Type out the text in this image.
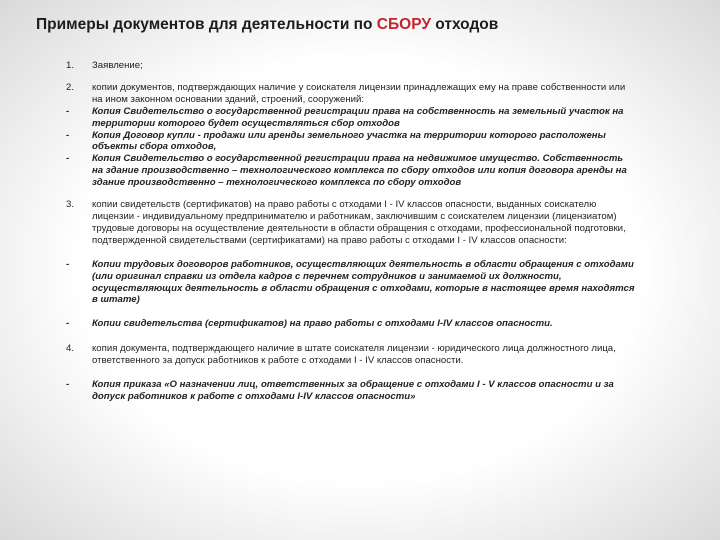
Примеры документов для деятельности по СБОРУ отходов
1. Заявление;
2. копии документов, подтверждающих наличие у соискателя лицензии принадлежащих ему на праве собственности или на ином законном основании зданий, строений, сооружений:
- Копия Свидетельство о государственной регистрации права на собственность на земельный участок на территории которого будет осуществляться сбор отходов
- Копия Договор купли - продажи или аренды земельного участка на территории которого расположены объекты сбора отходов,
- Копия Свидетельство о государственной регистрации права на недвижимое имущество. Собственность на здание производственно – технологического комплекса по сбору отходов или копия договора аренды на здание производственно – технологического комплекса по сбору отходов
3. копии свидетельств (сертификатов) на право работы с отходами I - IV классов опасности, выданных соискателю лицензии - индивидуальному предпринимателю и работникам, заключившим с соискателем лицензии (лицензиатом) трудовые договоры на осуществление деятельности в области обращения с отходами, профессиональной подготовки, подтвержденной свидетельствами (сертификатами) на право работы с отходами I - IV классов опасности:
- Копии трудовых договоров работников, осуществляющих деятельность в области обращения с отходами (или оригинал справки из отдела кадров с перечнем сотрудников и занимаемой их должности, осуществляющих деятельность в области обращения с отходами, которые в настоящее время находятся в штате)
- Копии свидетельства (сертификатов) на право работы с отходами I-IV классов опасности.
4. копия документа, подтверждающего наличие в штате соискателя лицензии - юридического лица должностного лица, ответственного за допуск работников к работе с отходами I - IV классов опасности.
- Копия приказа «О назначении лиц, ответственных за обращение с отходами I - V классов опасности и за допуск работников к работе с отходами I-IV классов опасности»
